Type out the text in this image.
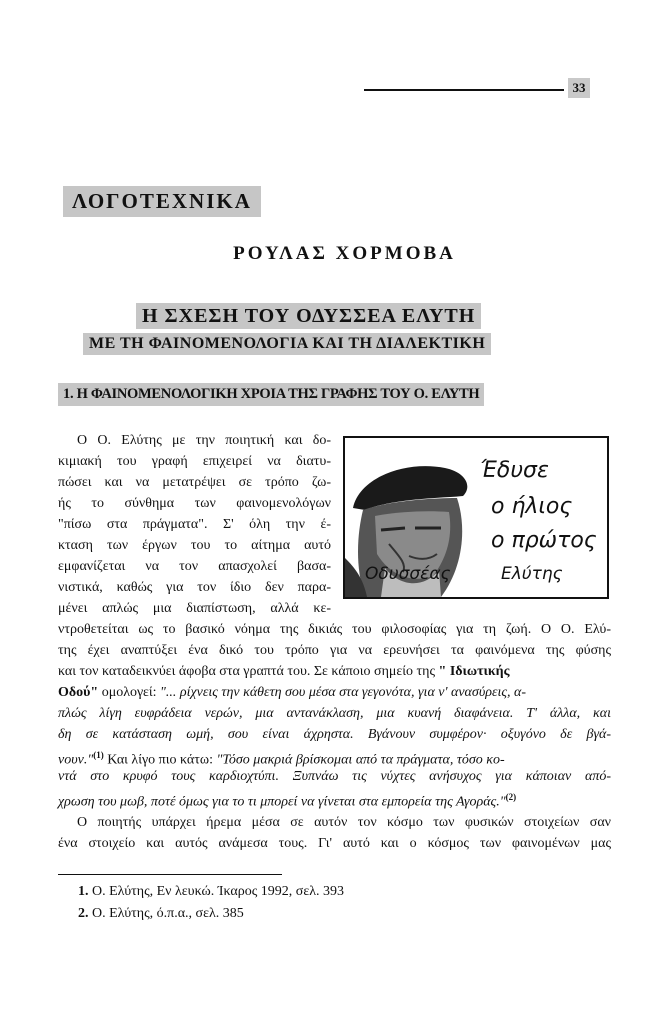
33
ΛΟΓΟΤΕΧΝΙΚΑ
ΡΟΥΛΑΣ ΧΟΡΜΟΒΑ
Η ΣΧΕΣΗ ΤΟΥ ΟΔΥΣΣΕΑ ΕΛΥΤΗ
ΜΕ ΤΗ ΦΑΙΝΟΜΕΝΟΛΟΓΙΑ ΚΑΙ ΤΗ ΔΙΑΛΕΚΤΙΚΗ
1. Η ΦΑΙΝΟΜΕΝΟΛΟΓΙΚΗ ΧΡΟΙΑ ΤΗΣ ΓΡΑΦΗΣ ΤΟΥ Ο. ΕΛΥΤΗ
Έδυσε
ο ήλιος
ο πρώτος
Οδυσσέας	Ελύτης
Ο Ο. Ελύτης με την ποιητική και δο-
κιμιακή του γραφή επιχειρεί να διατυ-
πώσει και να μετατρέψει σε τρόπο ζω-
ής το σύνθημα των φαινομενολόγων
"πίσω στα πράγματα". Σ' όλη την έ-
κταση των έργων του το αίτημα αυτό
εμφανίζεται να τον απασχολεί βασα-
νιστικά, καθώς για τον ίδιο δεν παρα-
μένει απλώς μια διαπίστωση, αλλά κε-
ντροθετείται ως το βασικό νόημα της δικιάς του φιλοσοφίας για τη ζωή. Ο Ο. Ελύ-
της έχει αναπτύξει ένα δικό του τρόπο για να ερευνήσει τα φαινόμενα της φύσης
και τον καταδεικνύει άφοβα στα γραπτά του. Σε κάποιο σημείο της " Ιδιωτικής
Οδού" ομολογεί: "... ρίχνεις την κάθετη σου μέσα στα γεγονότα, για ν' ανασύρεις, α-
πλώς λίγη ευφράδεια νερών, μια αντανάκλαση, μια κυανή διαφάνεια. Τ' άλλα, και
δη σε κατάσταση ωμή, σου είναι άχρηστα. Βγάνουν συμφέρον· οξυγόνο δε βγά-
νουν."$^{(1)}$ Και λίγο πιο κάτω: "Τόσο μακριά βρίσκομαι από τα πράγματα, τόσο κο-
ντά στο κρυφό τους καρδιοχτύπι. Ξυπνάω τις νύχτες ανήσυχος για κάποιαν από-
χρωση του μωβ, ποτέ όμως για το τι μπορεί να γίνεται στα εμπορεία της Αγοράς."$^{(2)}$
Ο ποιητής υπάρχει ήρεμα μέσα σε αυτόν τον κόσμο των φυσικών στοιχείων σαν
ένα στοιχείο και αυτός ανάμεσα τους. Γι' αυτό και ο κόσμος των φαινομένων μας
1. Ο. Ελύτης, Εν λευκώ. Ίκαρος 1992, σελ. 393
2. Ο. Ελύτης, ό.π.α., σελ. 385
